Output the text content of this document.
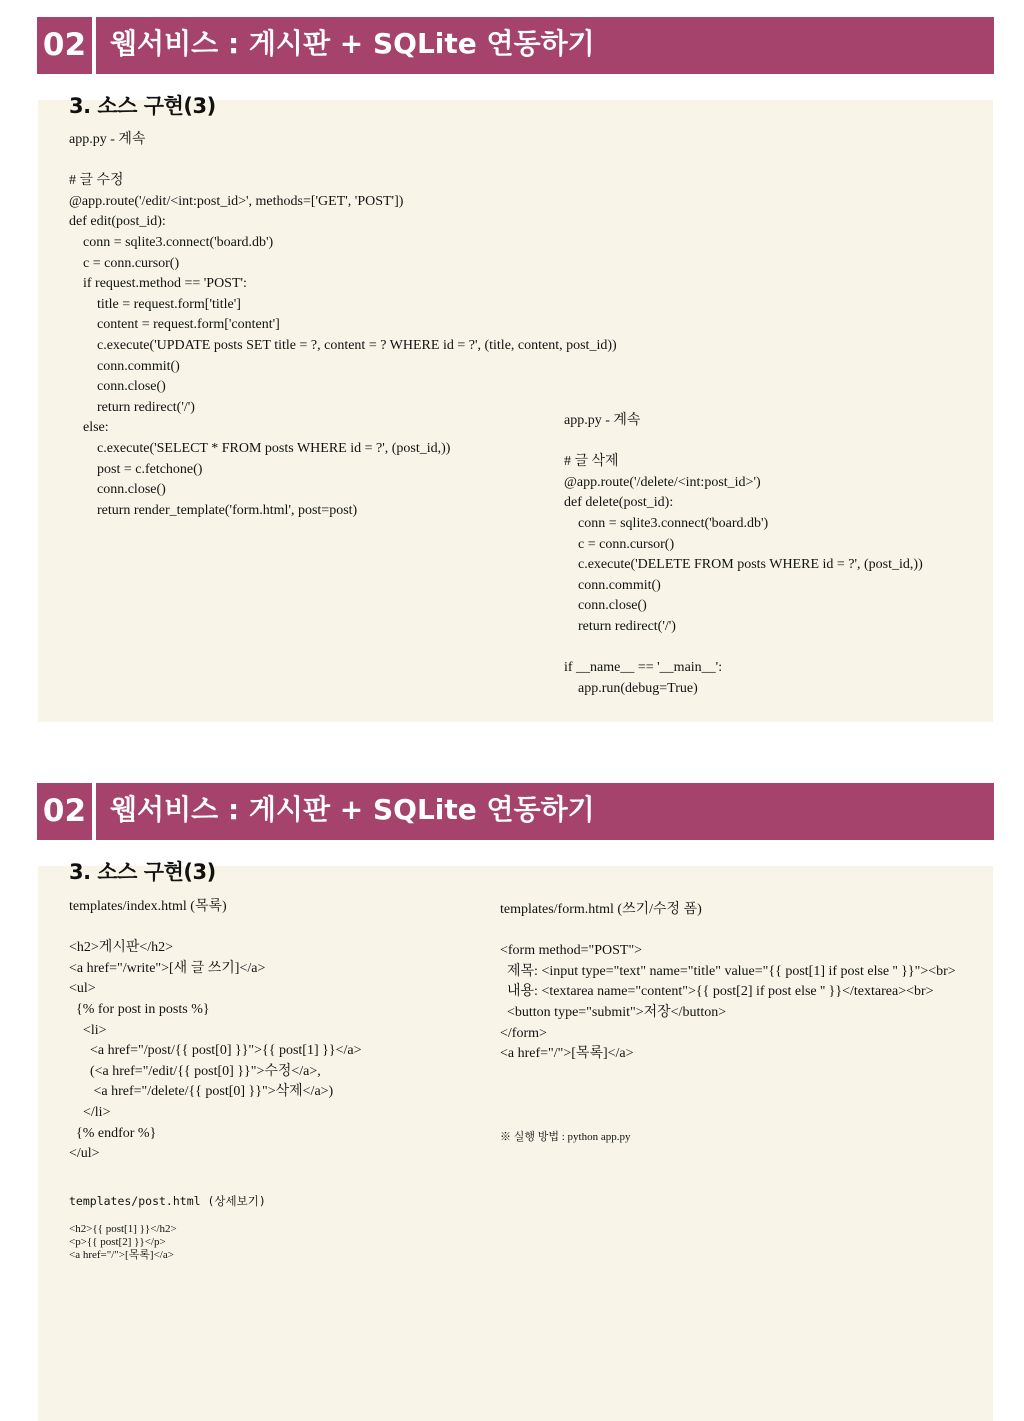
02 웹서비스 : 게시판 + SQLite 연동하기
3. 소스 구현(3)
app.py - 계속

# 글 수정
@app.route('/edit/<int:post_id>', methods=['GET', 'POST'])
def edit(post_id):
conn = sqlite3.connect('board.db')
c = conn.cursor()
if request.method == 'POST':
title = request.form['title']
content = request.form['content']
c.execute('UPDATE posts SET title = ?, content = ? WHERE id = ?', (title, content, post_id))
conn.commit()
conn.close()
return redirect('/')
else:
c.execute('SELECT * FROM posts WHERE id = ?', (post_id,))
post = c.fetchone()
conn.close()
return render_template('form.html', post=post)
app.py - 계속

# 글 삭제
@app.route('/delete/<int:post_id>')
def delete(post_id):
conn = sqlite3.connect('board.db')
c = conn.cursor()
c.execute('DELETE FROM posts WHERE id = ?', (post_id,))
conn.commit()
conn.close()
return redirect('/')

if __name__ == '__main__':
app.run(debug=True)
02 웹서비스 : 게시판 + SQLite 연동하기
3. 소스 구현(3)
templates/index.html (목록)

<h2>게시판</h2>
<a href="/write">[새 글 쓰기]</a>
<ul>
{% for post in posts %}
<li>
<a href="/post/{{ post[0] }}">{{ post[1] }}</a>
(<a href="/edit/{{ post[0] }}">수정</a>,
<a href="/delete/{{ post[0] }}">삭제</a>)
</li>
{% endfor %}
</ul>
templates/post.html (상세보기)
<h2>{{ post[1] }}</h2>
<p>{{ post[2] }}</p>
<a href="/">[목록]</a>
templates/form.html (쓰기/수정 폼)

<form method="POST">
제목: <input type="text" name="title" value="{{ post[1] if post else '' }}"><br>
내용: <textarea name="content">{{ post[2] if post else '' }}</textarea><br>
<button type="submit">저장</button>
</form>
<a href="/">[목록]</a>
※ 실행 방법 : python app.py
